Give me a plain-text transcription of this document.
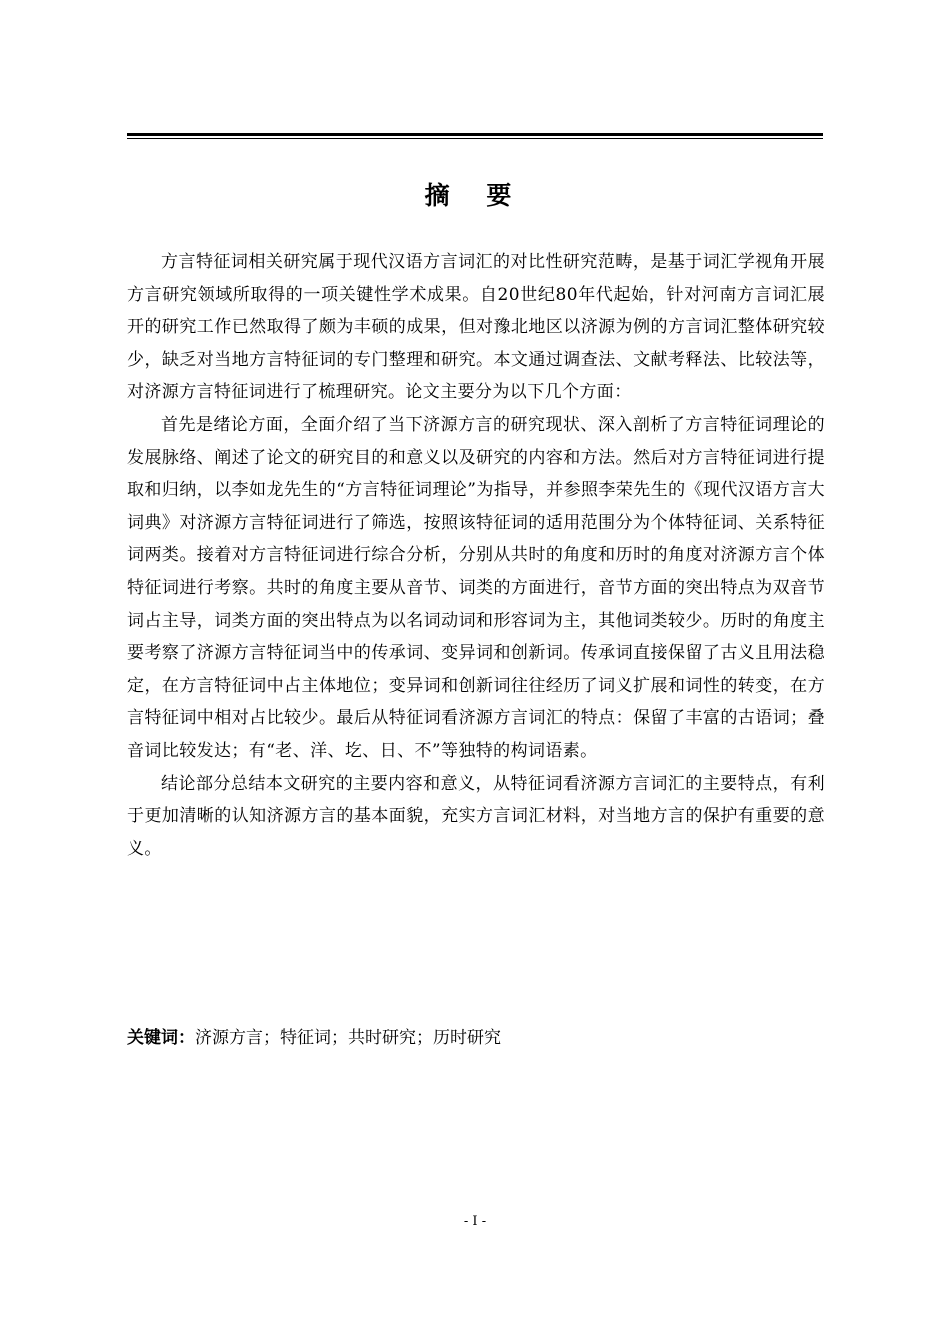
摘 要

方言特征词相关研究属于现代汉语方言词汇的对比性研究范畴，是基于词汇学视角开展方言研究领域所取得的一项关键性学术成果。自20世纪80年代起始，针对河南方言词汇展开的研究工作已然取得了颇为丰硕的成果，但对豫北地区以济源为例的方言词汇整体研究较少，缺乏对当地方言特征词的专门整理和研究。本文通过调查法、文献考释法、比较法等，对济源方言特征词进行了梳理研究。论文主要分为以下几个方面：

首先是绪论方面，全面介绍了当下济源方言的研究现状、深入剖析了方言特征词理论的发展脉络、阐述了论文的研究目的和意义以及研究的内容和方法。然后对方言特征词进行提取和归纳，以李如龙先生的“方言特征词理论”为指导，并参照李荣先生的《现代汉语方言大词典》对济源方言特征词进行了筛选，按照该特征词的适用范围分为个体特征词、关系特征词两类。接着对方言特征词进行综合分析，分别从共时的角度和历时的角度对济源方言个体特征词进行考察。共时的角度主要从音节、词类的方面进行，音节方面的突出特点为双音节词占主导，词类方面的突出特点为以名词动词和形容词为主，其他词类较少。历时的角度主要考察了济源方言特征词当中的传承词、变异词和创新词。传承词直接保留了古义且用法稳定，在方言特征词中占主体地位；变异词和创新词往往经历了词义扩展和词性的转变，在方言特征词中相对占比较少。最后从特征词看济源方言词汇的特点：保留了丰富的古语词；叠音词比较发达；有“老、洋、圪、日、不”等独特的构词语素。

结论部分总结本文研究的主要内容和意义，从特征词看济源方言词汇的主要特点，有利于更加清晰的认知济源方言的基本面貌，充实方言词汇材料，对当地方言的保护有重要的意义。

关键词：济源方言；特征词；共时研究；历时研究
- I -
